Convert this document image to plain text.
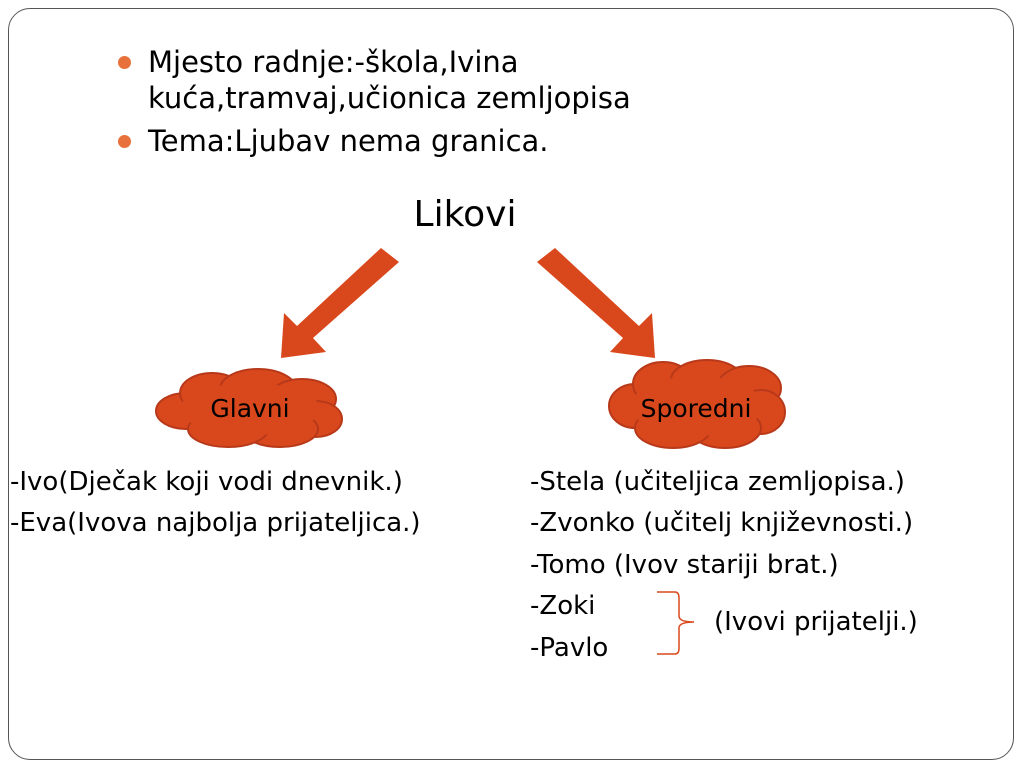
Mjesto radnje:-škola,Ivina
kuća,tramvaj,učionica zemljopisa
Tema:Ljubav nema granica.
Likovi
Glavni	Sporedni
-Ivo(Dječak koji vodi dnevnik.)
-Eva(Ivova najbolja prijateljica.)
-Stela (učiteljica zemljopisa.)
-Zvonko (učitelj književnosti.)
-Tomo (Ivov stariji brat.)
-Zoki
-Pavlo
(Ivovi prijatelji.)
